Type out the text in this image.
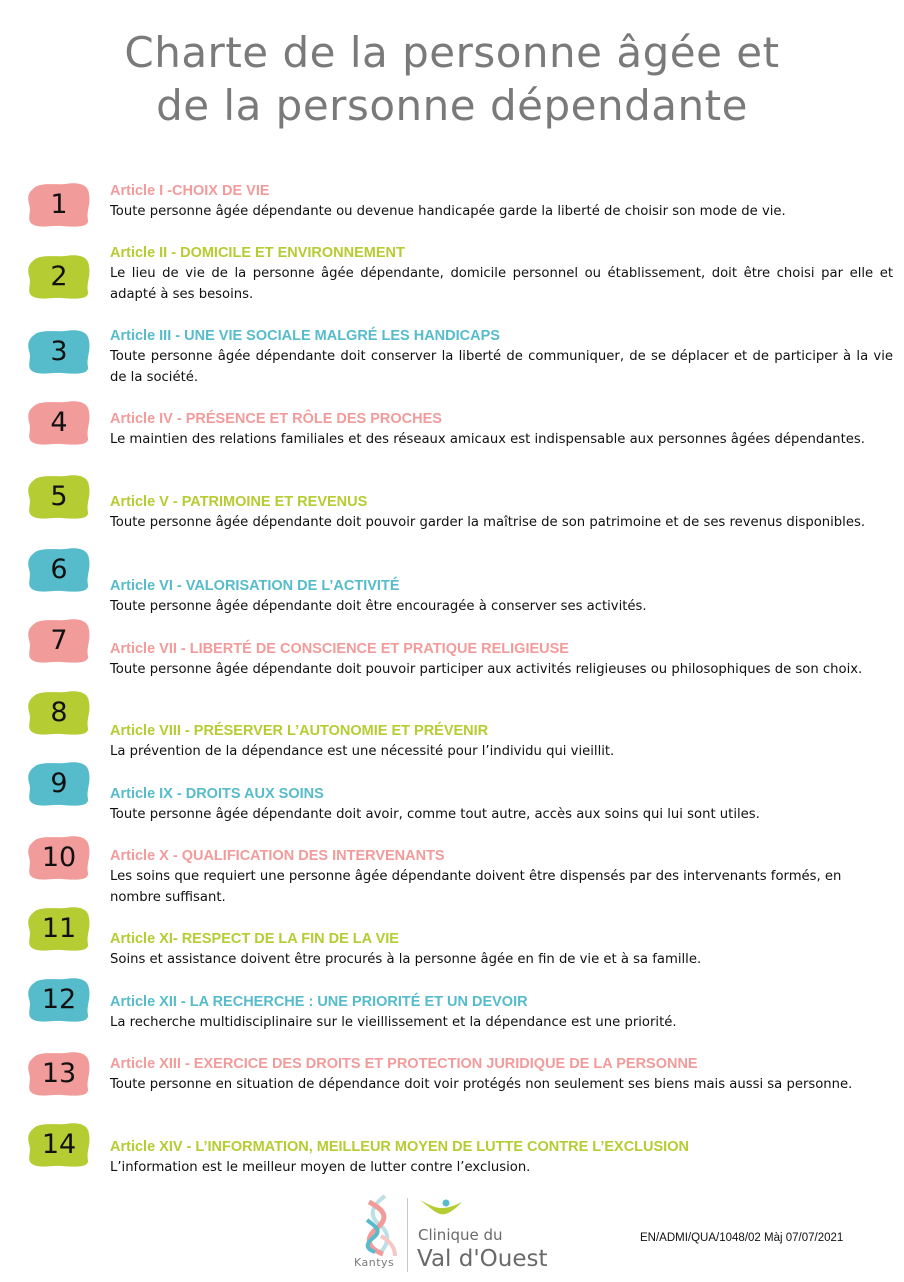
Charte de la personne âgée et
de la personne dépendante
1	Article I -CHOIX DE VIE
Toute personne âgée dépendante ou devenue handicapée garde la liberté de choisir son mode de vie.
2
Article II - DOMICILE ET ENVIRONNEMENT
Le lieu de vie de la personne âgée dépendante, domicile personnel ou établissement, doit être choisi par elle et adapté à ses besoins.
3	Article III - UNE VIE SOCIALE MALGRÉ LES HANDICAPS
Toute personne âgée dépendante doit conserver la liberté de communiquer, de se déplacer et de participer à la vie de la société.
4	Article IV - PRÉSENCE ET RÔLE DES PROCHES
Le maintien des relations familiales et des réseaux amicaux est indispensable aux personnes âgées dépendantes.
5	Article V - PATRIMOINE ET REVENUS
Toute personne âgée dépendante doit pouvoir garder la maîtrise de son patrimoine et de ses revenus disponibles.
6
Article VI - VALORISATION DE L’ACTIVITÉ
Toute personne âgée dépendante doit être encouragée à conserver ses activités.
7	Article VII - LIBERTÉ DE CONSCIENCE ET PRATIQUE RELIGIEUSE
Toute personne âgée dépendante doit pouvoir participer aux activités religieuses ou philosophiques de son choix.
8
Article VIII - PRÉSERVER L’AUTONOMIE ET PRÉVENIR
La prévention de la dépendance est une nécessité pour l’individu qui vieillit.
9	Article IX - DROITS AUX SOINS
Toute personne âgée dépendante doit avoir, comme tout autre, accès aux soins qui lui sont utiles.
10	Article X - QUALIFICATION DES INTERVENANTS
Les soins que requiert une personne âgée dépendante doivent être dispensés par des intervenants formés, en nombre suffisant.
11	Article XI- RESPECT DE LA FIN DE LA VIE
Soins et assistance doivent être procurés à la personne âgée en fin de vie et à sa famille.
12	Article XII - LA RECHERCHE : UNE PRIORITÉ ET UN DEVOIR
La recherche multidisciplinaire sur le vieillissement et la dépendance est une priorité.
13	Article XIII - EXERCICE DES DROITS ET PROTECTION JURIDIQUE DE LA PERSONNE
Toute personne en situation de dépendance doit voir protégés non seulement ses biens mais aussi sa personne.
14	Article XIV - L’INFORMATION, MEILLEUR MOYEN DE LUTTE CONTRE L’EXCLUSION
L’information est le meilleur moyen de lutter contre l’exclusion.
Kantys
Clinique du
Val d'Ouest
EN/ADMI/QUA/1048/02 Màj 07/07/2021
